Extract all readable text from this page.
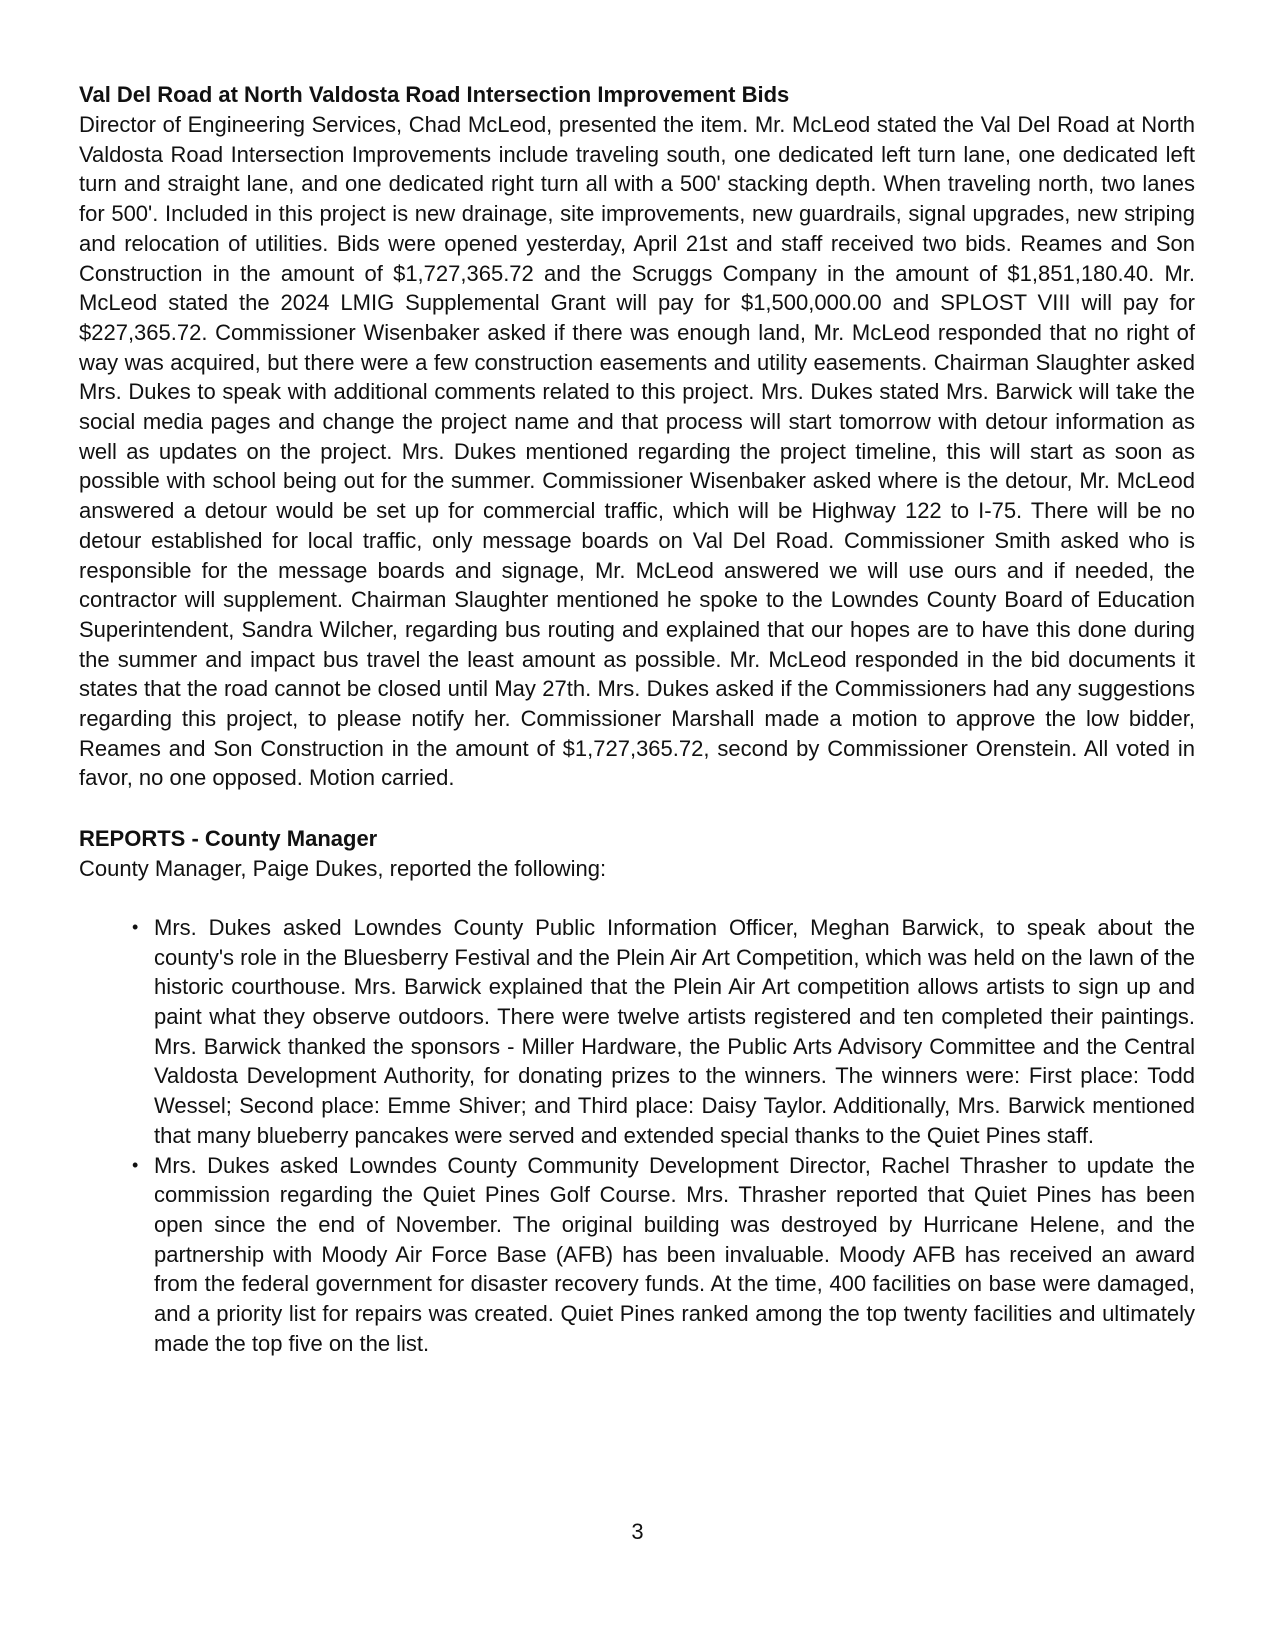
Val Del Road at North Valdosta Road Intersection Improvement Bids

Director of Engineering Services, Chad McLeod, presented the item. Mr. McLeod stated the Val Del Road at North Valdosta Road Intersection Improvements include traveling south, one dedicated left turn lane, one dedicated left turn and straight lane, and one dedicated right turn all with a 500' stacking depth. When traveling north, two lanes for 500'. Included in this project is new drainage, site improvements, new guardrails, signal upgrades, new striping and relocation of utilities. Bids were opened yesterday, April 21st and staff received two bids. Reames and Son Construction in the amount of $1,727,365.72 and the Scruggs Company in the amount of $1,851,180.40. Mr. McLeod stated the 2024 LMIG Supplemental Grant will pay for $1,500,000.00 and SPLOST VIII will pay for $227,365.72. Commissioner Wisenbaker asked if there was enough land, Mr. McLeod responded that no right of way was acquired, but there were a few construction easements and utility easements. Chairman Slaughter asked Mrs. Dukes to speak with additional comments related to this project. Mrs. Dukes stated Mrs. Barwick will take the social media pages and change the project name and that process will start tomorrow with detour information as well as updates on the project. Mrs. Dukes mentioned regarding the project timeline, this will start as soon as possible with school being out for the summer. Commissioner Wisenbaker asked where is the detour, Mr. McLeod answered a detour would be set up for commercial traffic, which will be Highway 122 to I-75. There will be no detour established for local traffic, only message boards on Val Del Road. Commissioner Smith asked who is responsible for the message boards and signage, Mr. McLeod answered we will use ours and if needed, the contractor will supplement. Chairman Slaughter mentioned he spoke to the Lowndes County Board of Education Superintendent, Sandra Wilcher, regarding bus routing and explained that our hopes are to have this done during the summer and impact bus travel the least amount as possible. Mr. McLeod responded in the bid documents it states that the road cannot be closed until May 27th. Mrs. Dukes asked if the Commissioners had any suggestions regarding this project, to please notify her. Commissioner Marshall made a motion to approve the low bidder, Reames and Son Construction in the amount of $1,727,365.72, second by Commissioner Orenstein. All voted in favor, no one opposed. Motion carried.

REPORTS - County Manager

County Manager, Paige Dukes, reported the following:

• Mrs. Dukes asked Lowndes County Public Information Officer, Meghan Barwick, to speak about the county's role in the Bluesberry Festival and the Plein Air Art Competition, which was held on the lawn of the historic courthouse. Mrs. Barwick explained that the Plein Air Art competition allows artists to sign up and paint what they observe outdoors. There were twelve artists registered and ten completed their paintings. Mrs. Barwick thanked the sponsors - Miller Hardware, the Public Arts Advisory Committee and the Central Valdosta Development Authority, for donating prizes to the winners. The winners were: First place: Todd Wessel; Second place: Emme Shiver; and Third place: Daisy Taylor. Additionally, Mrs. Barwick mentioned that many blueberry pancakes were served and extended special thanks to the Quiet Pines staff.
• Mrs. Dukes asked Lowndes County Community Development Director, Rachel Thrasher to update the commission regarding the Quiet Pines Golf Course. Mrs. Thrasher reported that Quiet Pines has been open since the end of November. The original building was destroyed by Hurricane Helene, and the partnership with Moody Air Force Base (AFB) has been invaluable. Moody AFB has received an award from the federal government for disaster recovery funds. At the time, 400 facilities on base were damaged, and a priority list for repairs was created. Quiet Pines ranked among the top twenty facilities and ultimately made the top five on the list.
3
